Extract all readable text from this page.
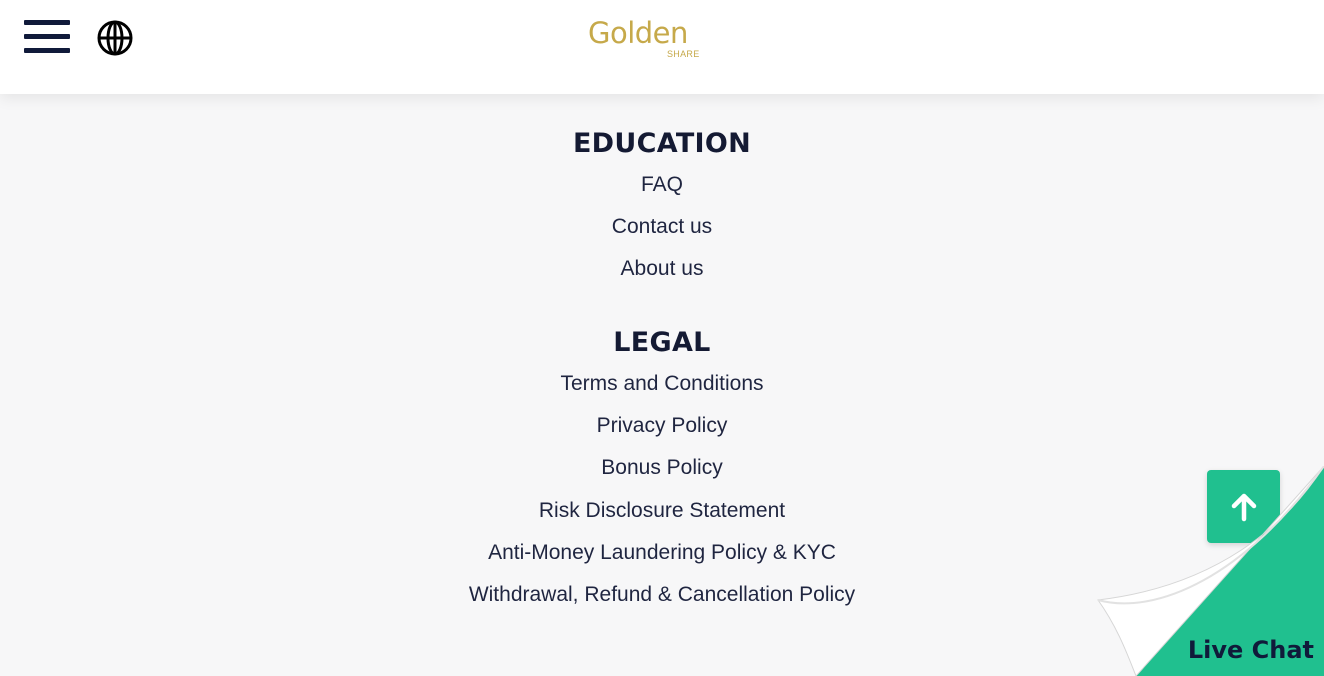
Golden
SHARE
EDUCATION
FAQ
Contact us
About us
LEGAL
Terms and Conditions
Privacy Policy
Bonus Policy
Risk Disclosure Statement
Anti-Money Laundering Policy & KYC
Withdrawal, Refund & Cancellation Policy
Live Chat
